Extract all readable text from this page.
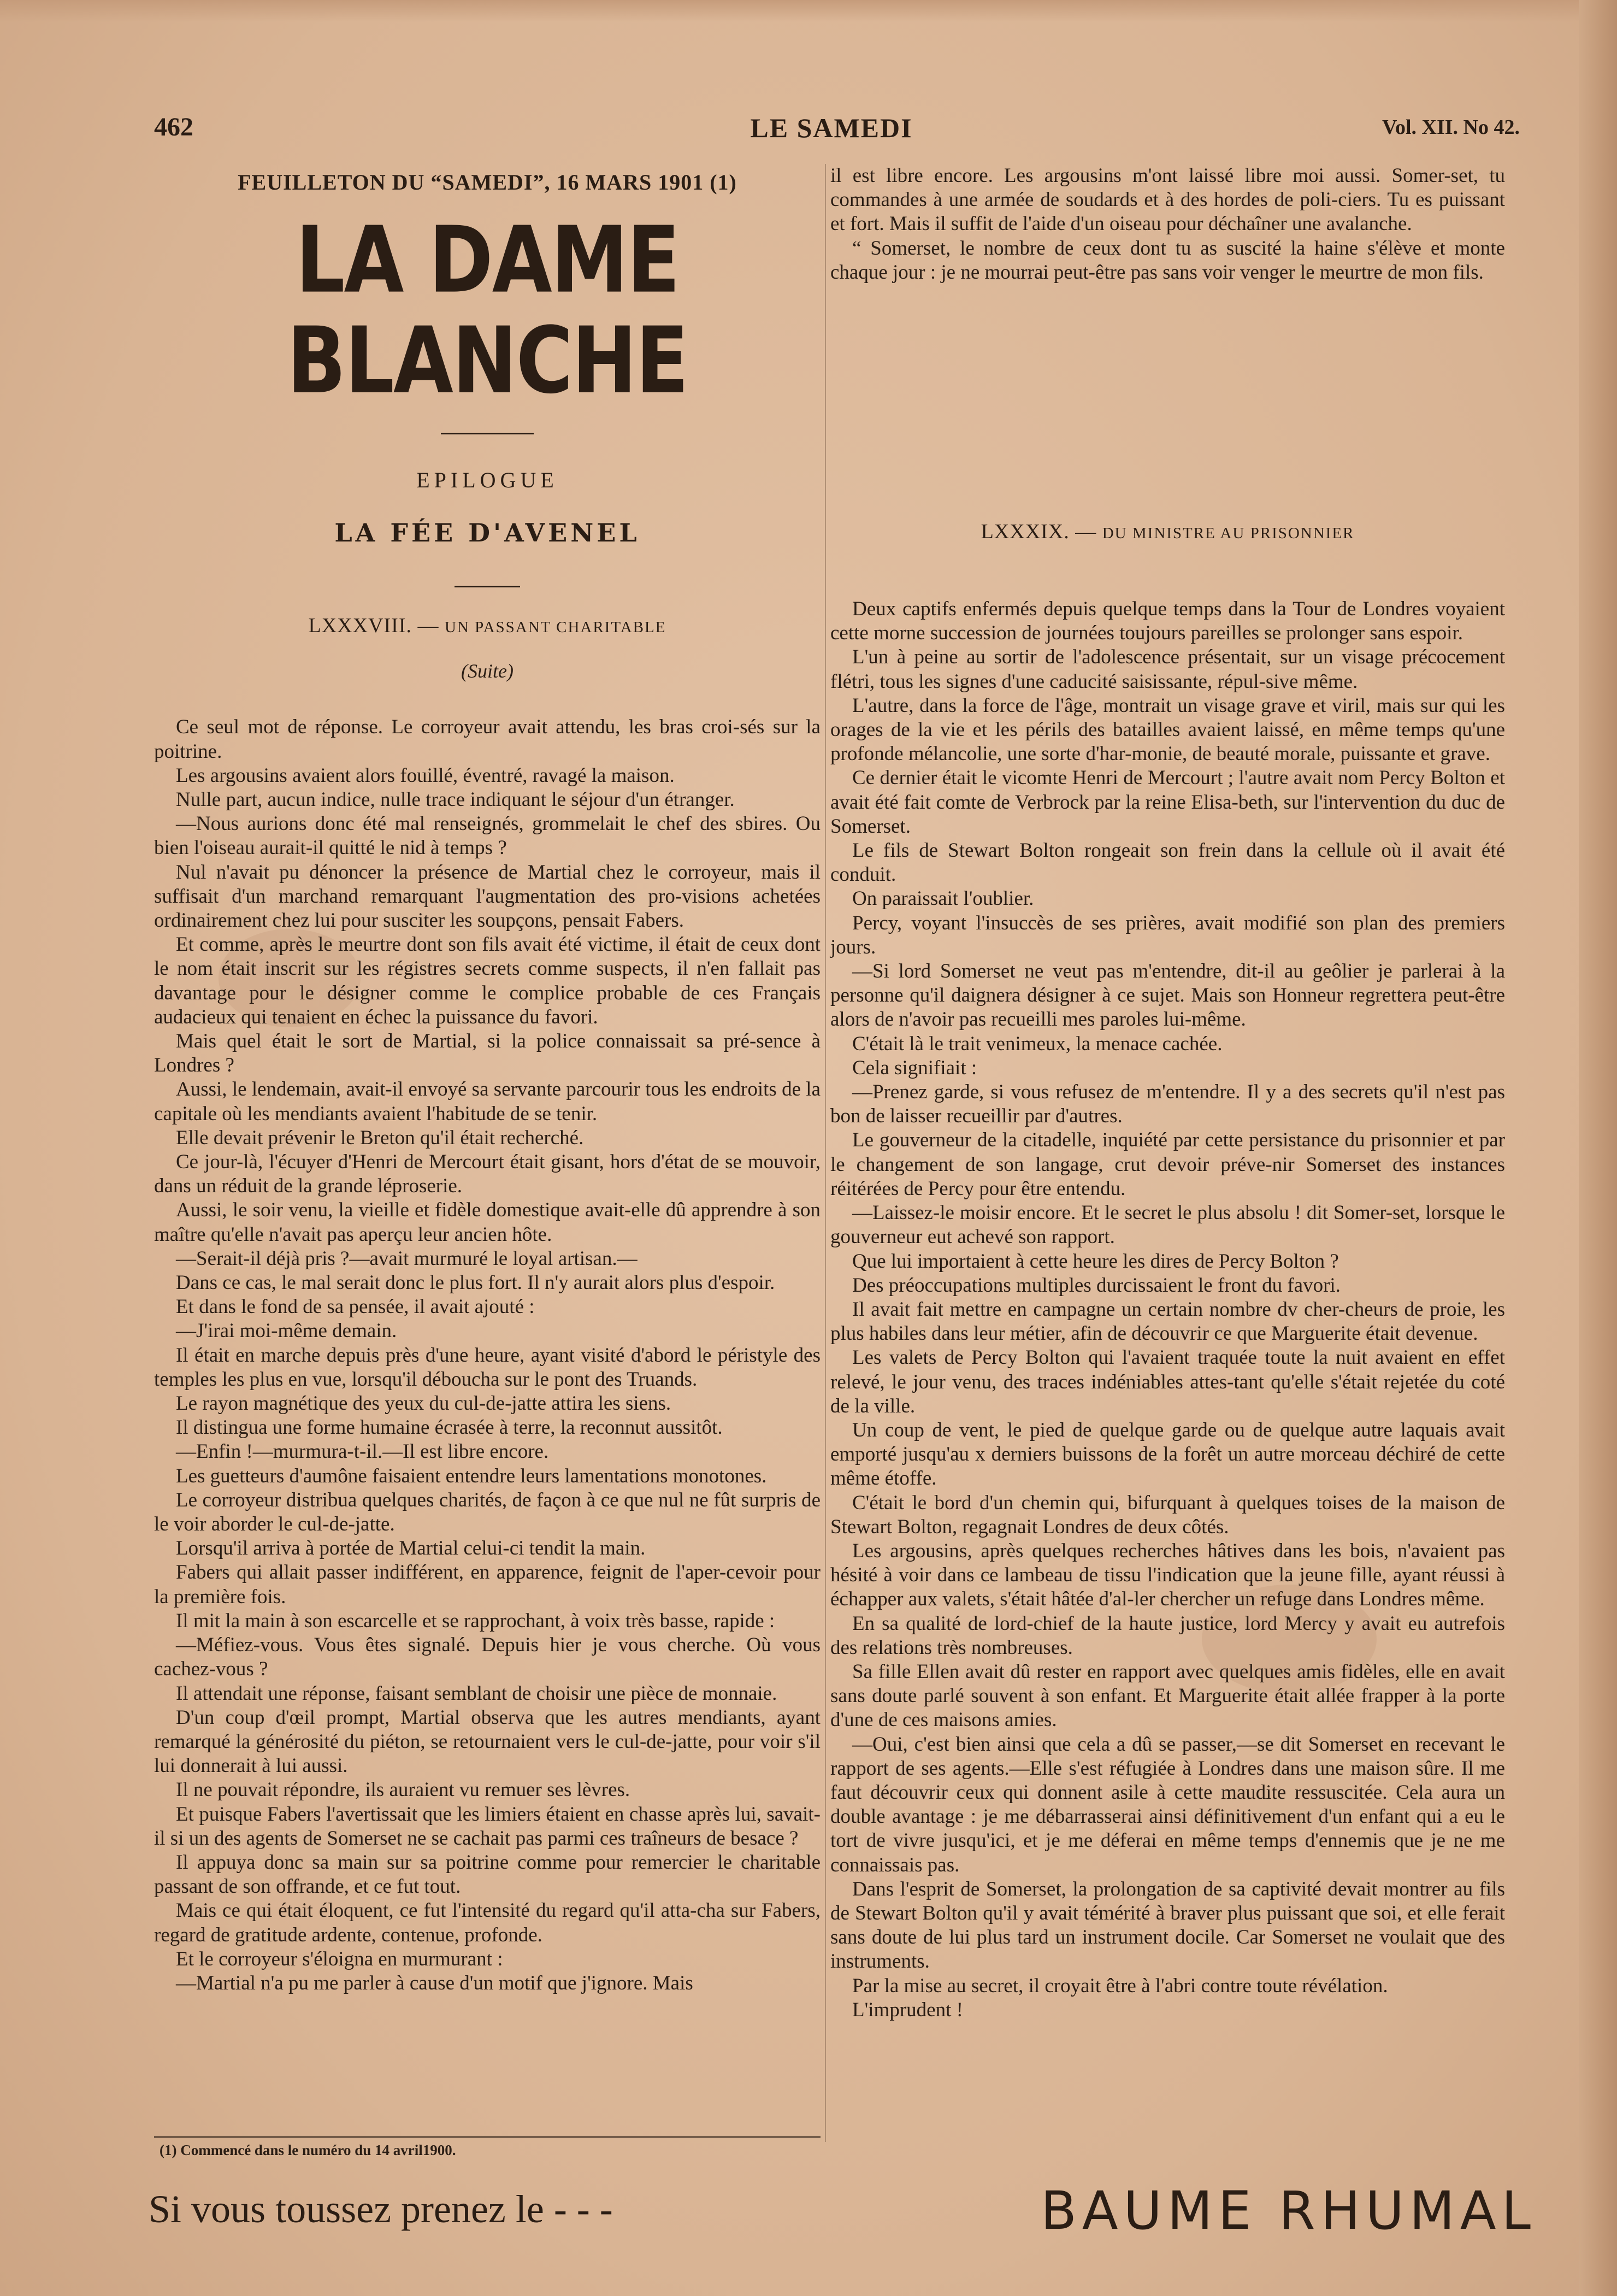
462	LE SAMEDI	Vol. XII. No 42.
FEUILLETON DU “SAMEDI”, 16 MARS 1901 (1)
LA DAME BLANCHE
EPILOGUE
LA FÉE D'AVENEL
LXXXVIII. — UN PASSANT CHARITABLE
(Suite)

Ce seul mot de réponse. Le corroyeur avait attendu, les bras croi-sés sur la poitrine.

Les argousins avaient alors fouillé, éventré, ravagé la maison.

Nulle part, aucun indice, nulle trace indiquant le séjour d'un étranger.

—Nous aurions donc été mal renseignés, grommelait le chef des sbires. Ou bien l'oiseau aurait-il quitté le nid à temps ?

Nul n'avait pu dénoncer la présence de Martial chez le corroyeur, mais il suffisait d'un marchand remarquant l'augmentation des pro-visions achetées ordinairement chez lui pour susciter les soupçons, pensait Fabers.

Et comme, après le meurtre dont son fils avait été victime, il était de ceux dont le nom était inscrit sur les régistres secrets comme suspects, il n'en fallait pas davantage pour le désigner comme le complice probable de ces Français audacieux qui tenaient en échec la puissance du favori.

Mais quel était le sort de Martial, si la police connaissait sa pré-sence à Londres ?

Aussi, le lendemain, avait-il envoyé sa servante parcourir tous les endroits de la capitale où les mendiants avaient l'habitude de se tenir.

Elle devait prévenir le Breton qu'il était recherché.

Ce jour-là, l'écuyer d'Henri de Mercourt était gisant, hors d'état de se mouvoir, dans un réduit de la grande léproserie.

Aussi, le soir venu, la vieille et fidèle domestique avait-elle dû apprendre à son maître qu'elle n'avait pas aperçu leur ancien hôte.

—Serait-il déjà pris ?—avait murmuré le loyal artisan.—

Dans ce cas, le mal serait donc le plus fort. Il n'y aurait alors plus d'espoir.

Et dans le fond de sa pensée, il avait ajouté :

—J'irai moi-même demain.

Il était en marche depuis près d'une heure, ayant visité d'abord le péristyle des temples les plus en vue, lorsqu'il déboucha sur le pont des Truands.

Le rayon magnétique des yeux du cul-de-jatte attira les siens.

Il distingua une forme humaine écrasée à terre, la reconnut aussitôt.

—Enfin !—murmura-t-il.—Il est libre encore.

Les guetteurs d'aumône faisaient entendre leurs lamentations monotones.

Le corroyeur distribua quelques charités, de façon à ce que nul ne fût surpris de le voir aborder le cul-de-jatte.

Lorsqu'il arriva à portée de Martial celui-ci tendit la main.

Fabers qui allait passer indifférent, en apparence, feignit de l'aper-cevoir pour la première fois.

Il mit la main à son escarcelle et se rapprochant, à voix très basse, rapide :

—Méfiez-vous. Vous êtes signalé. Depuis hier je vous cherche. Où vous cachez-vous ?

Il attendait une réponse, faisant semblant de choisir une pièce de monnaie.

D'un coup d'œil prompt, Martial observa que les autres mendiants, ayant remarqué la générosité du piéton, se retournaient vers le cul-de-jatte, pour voir s'il lui donnerait à lui aussi.

Il ne pouvait répondre, ils auraient vu remuer ses lèvres.

Et puisque Fabers l'avertissait que les limiers étaient en chasse après lui, savait-il si un des agents de Somerset ne se cachait pas parmi ces traîneurs de besace ?

Il appuya donc sa main sur sa poitrine comme pour remercier le charitable passant de son offrande, et ce fut tout.

Mais ce qui était éloquent, ce fut l'intensité du regard qu'il atta-cha sur Fabers, regard de gratitude ardente, contenue, profonde.

Et le corroyeur s'éloigna en murmurant :

—Martial n'a pu me parler à cause d'un motif que j'ignore. Mais

il est libre encore. Les argousins m'ont laissé libre moi aussi. Somer-set, tu commandes à une armée de soudards et à des hordes de poli-ciers. Tu es puissant et fort. Mais il suffit de l'aide d'un oiseau pour déchaîner une avalanche.

“ Somerset, le nombre de ceux dont tu as suscité la haine s'élève et monte chaque jour : je ne mourrai peut-être pas sans voir venger le meurtre de mon fils.

LXXXIX. — DU MINISTRE AU PRISONNIER

Deux captifs enfermés depuis quelque temps dans la Tour de Londres voyaient cette morne succession de journées toujours pareilles se prolonger sans espoir.

L'un à peine au sortir de l'adolescence présentait, sur un visage précocement flétri, tous les signes d'une caducité saisissante, répul-sive même.

L'autre, dans la force de l'âge, montrait un visage grave et viril, mais sur qui les orages de la vie et les périls des batailles avaient laissé, en même temps qu'une profonde mélancolie, une sorte d'har-monie, de beauté morale, puissante et grave.

Ce dernier était le vicomte Henri de Mercourt ; l'autre avait nom Percy Bolton et avait été fait comte de Verbrock par la reine Elisa-beth, sur l'intervention du duc de Somerset.

Le fils de Stewart Bolton rongeait son frein dans la cellule où il avait été conduit.

On paraissait l'oublier.

Percy, voyant l'insuccès de ses prières, avait modifié son plan des premiers jours.

—Si lord Somerset ne veut pas m'entendre, dit-il au geôlier je parlerai à la personne qu'il daignera désigner à ce sujet. Mais son Honneur regrettera peut-être alors de n'avoir pas recueilli mes paroles lui-même.

C'était là le trait venimeux, la menace cachée.

Cela signifiait :

—Prenez garde, si vous refusez de m'entendre. Il y a des secrets qu'il n'est pas bon de laisser recueillir par d'autres.

Le gouverneur de la citadelle, inquiété par cette persistance du prisonnier et par le changement de son langage, crut devoir préve-nir Somerset des instances réitérées de Percy pour être entendu.

—Laissez-le moisir encore. Et le secret le plus absolu ! dit Somer-set, lorsque le gouverneur eut achevé son rapport.

Que lui importaient à cette heure les dires de Percy Bolton ?

Des préoccupations multiples durcissaient le front du favori.

Il avait fait mettre en campagne un certain nombre dv cher-cheurs de proie, les plus habiles dans leur métier, afin de découvrir ce que Marguerite était devenue.

Les valets de Percy Bolton qui l'avaient traquée toute la nuit avaient en effet relevé, le jour venu, des traces indéniables attes-tant qu'elle s'était rejetée du coté de la ville.

Un coup de vent, le pied de quelque garde ou de quelque autre laquais avait emporté jusqu'au x derniers buissons de la forêt un autre morceau déchiré de cette même étoffe.

C'était le bord d'un chemin qui, bifurquant à quelques toises de la maison de Stewart Bolton, regagnait Londres de deux côtés.

Les argousins, après quelques recherches hâtives dans les bois, n'avaient pas hésité à voir dans ce lambeau de tissu l'indication que la jeune fille, ayant réussi à échapper aux valets, s'était hâtée d'al-ler chercher un refuge dans Londres même.

En sa qualité de lord-chief de la haute justice, lord Mercy y avait eu autrefois des relations très nombreuses.

Sa fille Ellen avait dû rester en rapport avec quelques amis fidèles, elle en avait sans doute parlé souvent à son enfant. Et Marguerite était allée frapper à la porte d'une de ces maisons amies.

—Oui, c'est bien ainsi que cela a dû se passer,—se dit Somerset en recevant le rapport de ses agents.—Elle s'est réfugiée à Londres dans une maison sûre. Il me faut découvrir ceux qui donnent asile à cette maudite ressuscitée. Cela aura un double avantage : je me débarrasserai ainsi définitivement d'un enfant qui a eu le tort de vivre jusqu'ici, et je me déferai en même temps d'ennemis que je ne me connaissais pas.

Dans l'esprit de Somerset, la prolongation de sa captivité devait montrer au fils de Stewart Bolton qu'il y avait témérité à braver plus puissant que soi, et elle ferait sans doute de lui plus tard un instrument docile. Car Somerset ne voulait que des instruments.

Par la mise au secret, il croyait être à l'abri contre toute révélation.

L'imprudent !

(1) Commencé dans le numéro du 14 avril1900.
Si vous toussez prenez le - - -	BAUME RHUMAL
